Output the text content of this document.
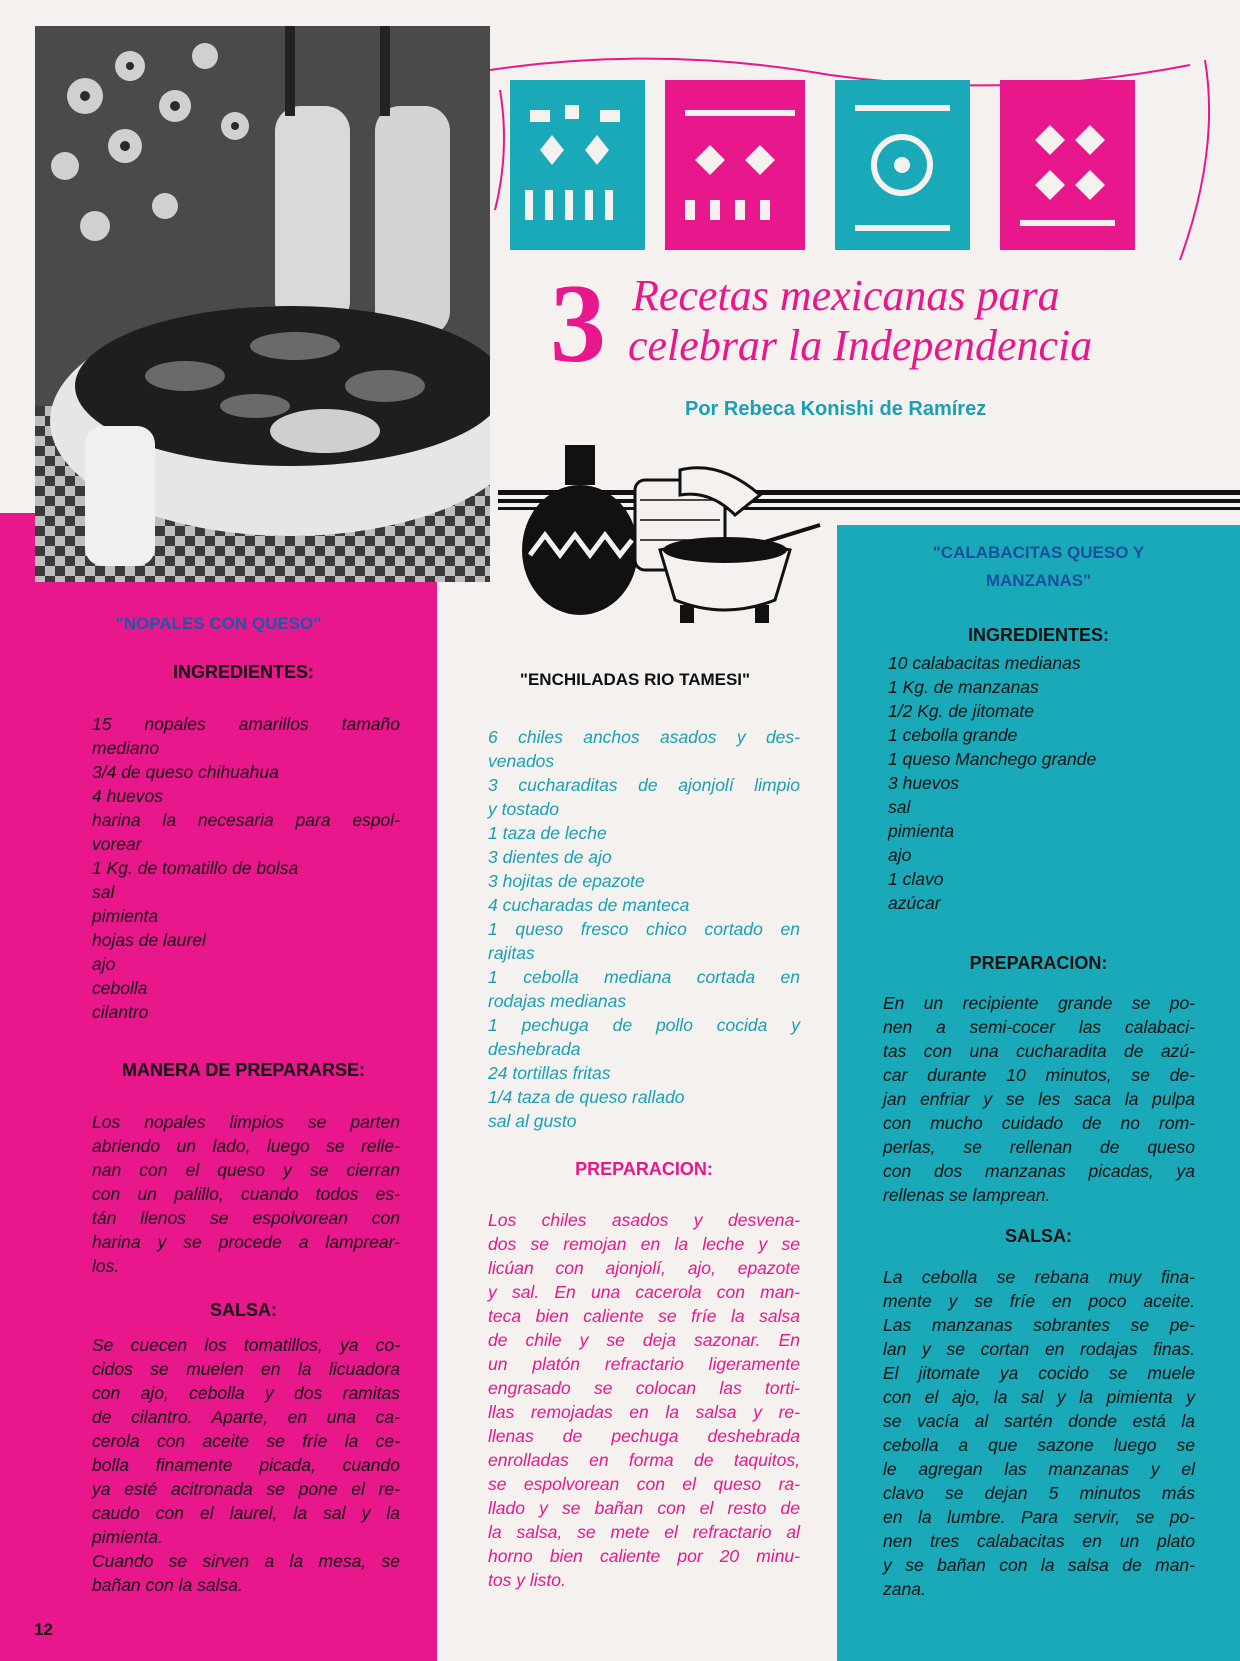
3 Recetas mexicanas para
celebrar la Independencia
Por Rebeca Konishi de Ramírez
"NOPALES CON QUESO"
INGREDIENTES:
15 nopales amarillos tamaño
mediano
3/4 de queso chihuahua
4 huevos
harina la necesaria para espol-
vorear
1 Kg. de tomatillo de bolsa
sal
pimienta
hojas de laurel
ajo
cebolla
cilantro
MANERA DE PREPARARSE:
Los nopales limpios se parten
abriendo un lado, luego se relle-
nan con el queso y se cierran
con un palillo, cuando todos es-
tán llenos se espolvorean con
harina y se procede a lamprear-
los.
SALSA:
Se cuecen los tomatillos, ya co-
cidos se muelen en la licuadora
con ajo, cebolla y dos ramitas
de cilantro. Aparte, en una ca-
cerola con aceite se fríe la ce-
bolla finamente picada, cuando
ya esté acitronada se pone el re-
caudo con el laurel, la sal y la
pimienta.
Cuando se sirven a la mesa, se
bañan con la salsa.
"ENCHILADAS RIO TAMESI"
6 chiles anchos asados y des-
venados
3 cucharaditas de ajonjolí limpio
y tostado
1 taza de leche
3 dientes de ajo
3 hojitas de epazote
4 cucharadas de manteca
1 queso fresco chico cortado en
rajitas
1 cebolla mediana cortada en
rodajas medianas
1 pechuga de pollo cocida y
deshebrada
24 tortillas fritas
1/4 taza de queso rallado
sal al gusto
PREPARACION:
Los chiles asados y desvena-
dos se remojan en la leche y se
licúan con ajonjolí, ajo, epazote
y sal. En una cacerola con man-
teca bien caliente se fríe la salsa
de chile y se deja sazonar. En
un platón refractario ligeramente
engrasado se colocan las torti-
llas remojadas en la salsa y re-
llenas de pechuga deshebrada
enrolladas en forma de taquitos,
se espolvorean con el queso ra-
llado y se bañan con el resto de
la salsa, se mete el refractario al
horno bien caliente por 20 minu-
tos y listo.
"CALABACITAS QUESO Y
MANZANAS"
INGREDIENTES:
10 calabacitas medianas
1 Kg. de manzanas
1/2 Kg. de jitomate
1 cebolla grande
1 queso Manchego grande
3 huevos
sal
pimienta
ajo
1 clavo
azúcar
PREPARACION:
En un recipiente grande se po-
nen a semi-cocer las calabaci-
tas con una cucharadita de azú-
car durante 10 minutos, se de-
jan enfriar y se les saca la pulpa
con mucho cuidado de no rom-
perlas, se rellenan de queso
con dos manzanas picadas, ya
rellenas se lamprean.
SALSA:
La cebolla se rebana muy fina-
mente y se fríe en poco aceite.
Las manzanas sobrantes se pe-
lan y se cortan en rodajas finas.
El jitomate ya cocido se muele
con el ajo, la sal y la pimienta y
se vacía al sartén donde está la
cebolla a que sazone luego se
le agregan las manzanas y el
clavo se dejan 5 minutos más
en la lumbre. Para servir, se po-
nen tres calabacitas en un plato
y se bañan con la salsa de man-
zana.
12
